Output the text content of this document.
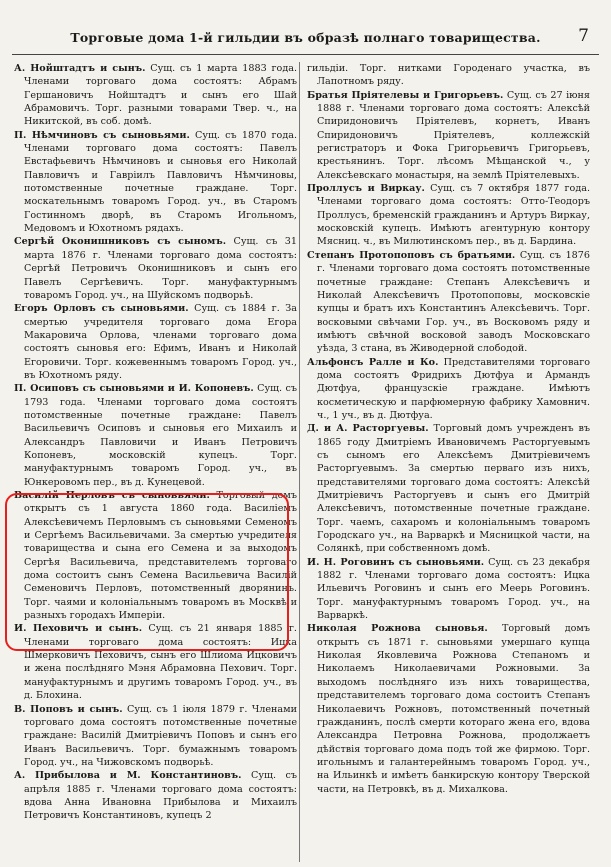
Торговые дома 1-й гильдии въ образѣ полнаго товарищества.	7

А. Нойштадтъ и сынъ. Сущ. съ 1 марта 1883 года. Членами торговаго дома состоятъ: Абрамъ Гершановичъ Нойштадтъ и сынъ его Шай Абрамовичъ. Торг. разными товарами Твер. ч., на Никитской, въ соб. домѣ.

П. Нѣмчиновъ съ сыновьями. Сущ. съ 1870 года. Членами торговаго дома состоятъ: Павелъ Евстафьевичъ Нѣмчиновъ и сыновья его Николай Павловичъ и Гавріилъ Павловичъ Нѣмчиновы, потомственные почетные граждане. Торг. москательнымъ товаромъ Город. уч., въ Старомъ Гостинномъ дворѣ, въ Старомъ Игольномъ, Медовомъ и Юхотномъ рядахъ.

Сергѣй Оконишниковъ съ сыномъ. Сущ. съ 31 марта 1876 г. Членами торговаго дома состоятъ: Сергѣй Петровичъ Оконишниковъ и сынъ его Павелъ Сергѣевичъ. Торг. мануфактурнымъ товаромъ Город. уч., на Шуйскомъ подворьѣ.

Егоръ Орловъ съ сыновьями. Сущ. съ 1884 г. За смертью учредителя торговаго дома Егора Макаровича Орлова, членами торговаго дома состоятъ сыновья его: Ефимъ, Иванъ и Николай Егоровичи. Торг. кожевеннымъ товаромъ Город. уч., въ Юхотномъ ряду.

П. Осиповъ съ сыновьями и И. Копоневъ. Сущ. съ 1793 года. Членами торговаго дома состоятъ потомственные почетные граждане: Павелъ Васильевичъ Осиповъ и сыновья его Михаилъ и Александръ Павловичи и Иванъ Петровичъ Копоневъ, московскій купецъ. Торг. мануфактурнымъ товаромъ Город. уч., въ Юнкеровомъ пер., въ д. Кунецевой.

Василій Перловъ съ сыновьями. Торговый домъ открытъ съ 1 августа 1860 года. Василіемъ Алексѣевичемъ Перловымъ съ сыновьями Семеномъ и Сергѣемъ Васильевичами. За смертью учредителя товарищества и сына его Семена и за выходомъ Сергѣя Васильевича, представителемъ торговаго дома состоитъ сынъ Семена Васильевича Василій Семеновичъ Перловъ, потомственный дворянинъ. Торг. чаями и колоніальнымъ товаромъ въ Москвѣ и разныхъ городахъ Имперіи.

И. Пеховичъ и сынъ. Сущ. съ 21 января 1885 г. Членами торговаго дома состоятъ: Ицка Шмерковичъ Пеховичъ, сынъ его Шлиома Ицковичъ и жена послѣдняго Мэня Абрамовна Пехович. Торг. мануфактурнымъ и другимъ товаромъ Город. уч., въ д. Блохина.

В. Поповъ и сынъ. Сущ. съ 1 іюля 1879 г. Членами торговаго дома состоятъ потомственные почетные граждане: Василій Дмитріевичъ Поповъ и сынъ его Иванъ Васильевичъ. Торг. бумажнымъ товаромъ Город. уч., на Чижовскомъ подворьѣ.

А. Прибылова и М. Константиновъ. Сущ. съ апрѣля 1885 г. Членами торговаго дома состоятъ: вдова Анна Ивановна Прибылова и Михаилъ Петровичъ Константиновъ, купецъ 2

гильдіи. Торг. нитками Городенаго участка, въ Лапотномъ ряду.

Братья Прiятелевы и Григорьевъ. Сущ. съ 27 іюня 1888 г. Членами торговаго дома состоятъ: Алексѣй Спиридоновичъ Прiятелевъ, корнетъ, Иванъ Спиридоновичъ Прiятелевъ, коллежскій регистраторъ и Фока Григорьевичъ Григорьевъ, крестьянинъ. Торг. лѣсомъ Мѣщанской ч., у Алексѣевскаго монастыря, на землѣ Прiятелевыхъ.

Проллусъ и Виркау. Сущ. съ 7 октября 1877 года. Членами торговаго дома состоятъ: Отто-Теодоръ Проллусъ, бременскій гражданинъ и Артуръ Виркау, московскій купецъ. Имѣютъ агентурную контору Мясниц. ч., въ Милютинскомъ пер., въ д. Бардина.

Степанъ Протопоповъ съ братьями. Сущ. съ 1876 г. Членами торговаго дома состоятъ потомственные почетные граждане: Степанъ Алексѣевичъ и Николай Алексѣевичъ Протопоповы, московскіе купцы и братъ ихъ Константинъ Алексѣевичъ. Торг. восковыми свѣчами Гор. уч., въ Восковомъ ряду и имѣютъ свѣчной восковой заводъ Московскаго уѣзда, 3 стана, въ Живодерной слободой.

Альфонсъ Ралле и Ко. Представителями торговаго дома состоятъ Фридрихъ Дютфуа и Армандъ Дютфуа, французскіе граждане. Имѣютъ косметическую и парфюмерную фабрику Хамовнич. ч., 1 уч., въ д. Дютфуа.

Д. и А. Расторгуевы. Торговый домъ учрежденъ въ 1865 году Дмитріемъ Ивановичемъ Расторгуевымъ съ сыномъ его Алексѣемъ Дмитріевичемъ Расторгуевымъ. За смертью перваго изъ нихъ, представителями торговаго дома состоятъ: Алексѣй Дмитріевичъ Расторгуевъ и сынъ его Дмитрій Алексѣевичъ, потомственные почетные граждане. Торг. чаемъ, сахаромъ и колоніальнымъ товаромъ Городскаго уч., на Варваркѣ и Мясницкой части, на Солянкѣ, при собственномъ домѣ.

И. Н. Роговинъ съ сыновьями. Сущ. съ 23 декабря 1882 г. Членами торговаго дома состоятъ: Ицка Ильевичъ Роговинъ и сынъ его Меерь Роговинъ. Торг. мануфактурнымъ товаромъ Город. уч., на Варваркѣ.

Николая Рожнова сыновья. Торговый домъ открытъ съ 1871 г. сыновьями умершаго купца Николая Яковлевича Рожнова Степаномъ и Николаемъ Николаевичами Рожновыми. За выходомъ послѣдняго изъ нихъ товарищества, представителемъ торговаго дома состоитъ Степанъ Николаевичъ Рожновъ, потомственный почетный гражданинъ, послѣ смерти котораго жена его, вдова Александра Петровна Рожнова, продолжаетъ дѣйствія торговаго дома подъ той же фирмою. Торг. игольнымъ и галантерейнымъ товаромъ Город. уч., на Ильинкѣ и имѣетъ банкирскую контору Тверской части, на Петровкѣ, въ д. Михалкова.
